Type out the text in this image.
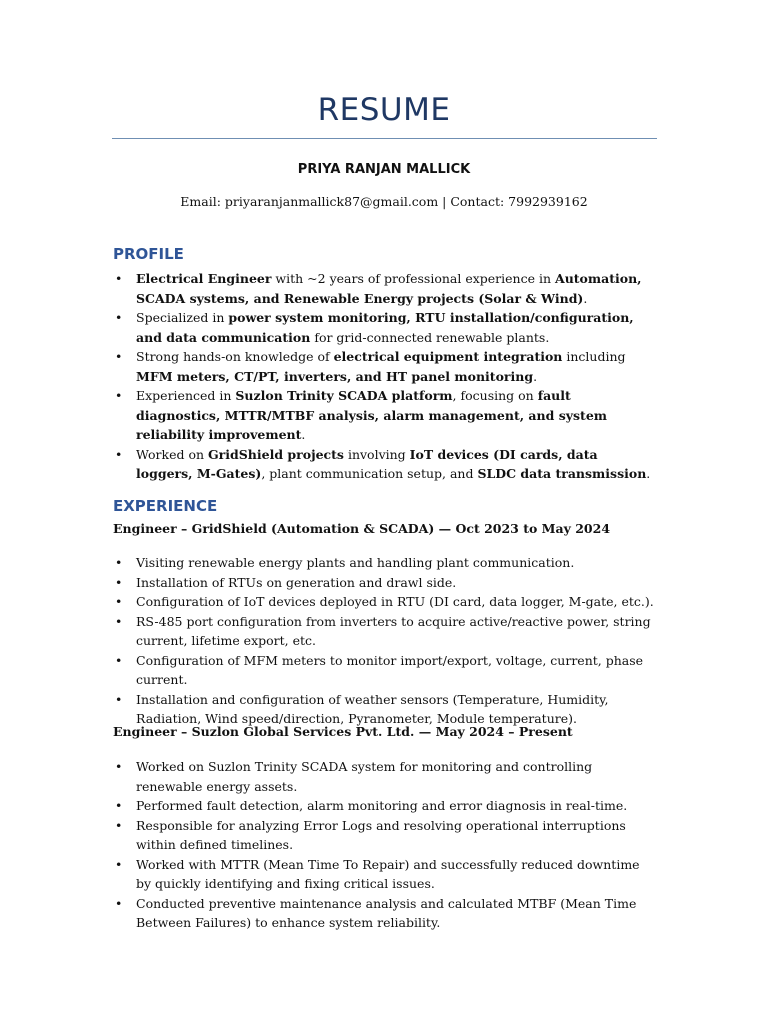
RESUME
PRIYA RANJAN MALLICK
Email: priyaranjanmallick87@gmail.com | Contact: 7992939162
PROFILE
• Electrical Engineer with ~2 years of professional experience in Automation, SCADA systems, and Renewable Energy projects (Solar & Wind).
• Specialized in power system monitoring, RTU installation/configuration, and data communication for grid-connected renewable plants.
• Strong hands-on knowledge of electrical equipment integration including MFM meters, CT/PT, inverters, and HT panel monitoring.
• Experienced in Suzlon Trinity SCADA platform, focusing on fault diagnostics, MTTR/MTBF analysis, alarm management, and system reliability improvement.
• Worked on GridShield projects involving IoT devices (DI cards, data loggers, M-Gates), plant communication setup, and SLDC data transmission.
EXPERIENCE
Engineer – GridShield (Automation & SCADA) — Oct 2023 to May 2024
• Visiting renewable energy plants and handling plant communication.
• Installation of RTUs on generation and drawl side.
• Configuration of IoT devices deployed in RTU (DI card, data logger, M-gate, etc.).
• RS-485 port configuration from inverters to acquire active/reactive power, string current, lifetime export, etc.
• Configuration of MFM meters to monitor import/export, voltage, current, phase current.
• Installation and configuration of weather sensors (Temperature, Humidity, Radiation, Wind speed/direction, Pyranometer, Module temperature).
Engineer – Suzlon Global Services Pvt. Ltd. — May 2024 – Present
• Worked on Suzlon Trinity SCADA system for monitoring and controlling renewable energy assets.
• Performed fault detection, alarm monitoring and error diagnosis in real-time.
• Responsible for analyzing Error Logs and resolving operational interruptions within defined timelines.
• Worked with MTTR (Mean Time To Repair) and successfully reduced downtime by quickly identifying and fixing critical issues.
• Conducted preventive maintenance analysis and calculated MTBF (Mean Time Between Failures) to enhance system reliability.
